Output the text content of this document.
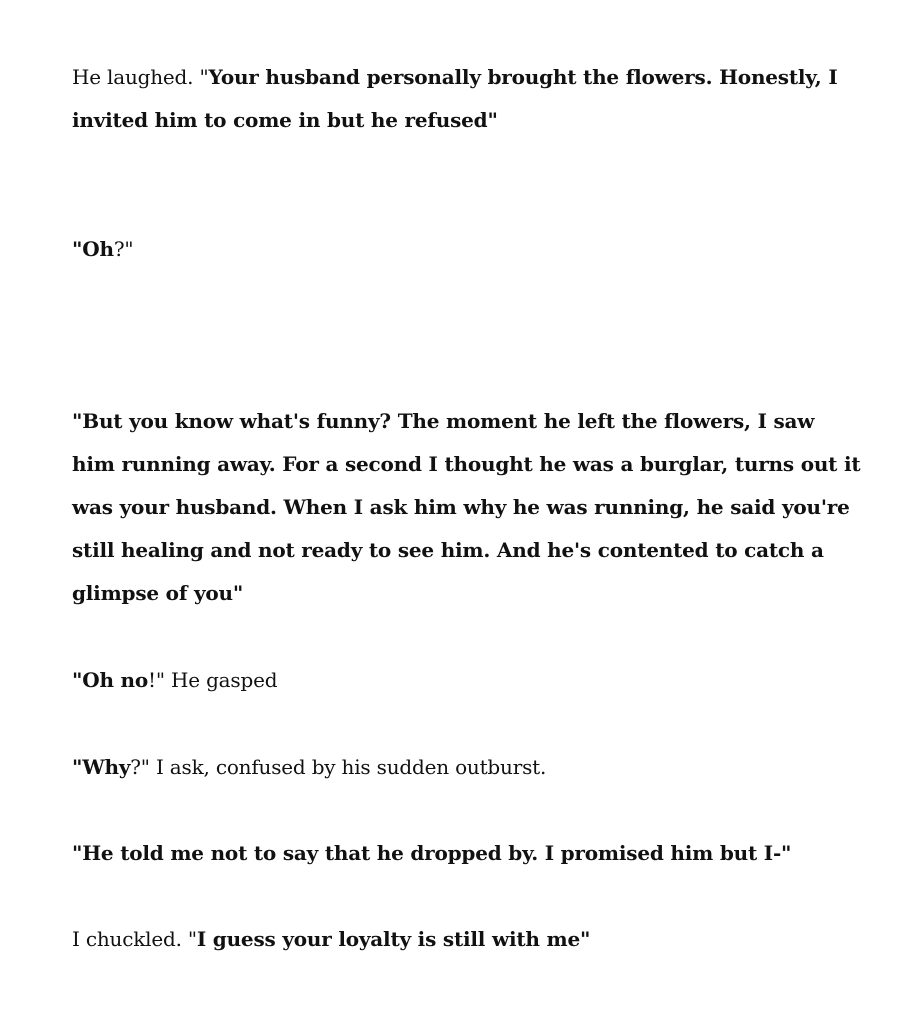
He laughed. "Your husband personally brought the flowers. Honestly, I invited him to come in but he refused"

"Oh?"

"But you know what's funny? The moment he left the flowers, I saw him running away. For a second I thought he was a burglar, turns out it was your husband. When I ask him why he was running, he said you're still healing and not ready to see him. And he's contented to catch a glimpse of you"

"Oh no!" He gasped

"Why?" I ask, confused by his sudden outburst.

"He told me not to say that he dropped by. I promised him but I-"

I chuckled. "I guess your loyalty is still with me"
